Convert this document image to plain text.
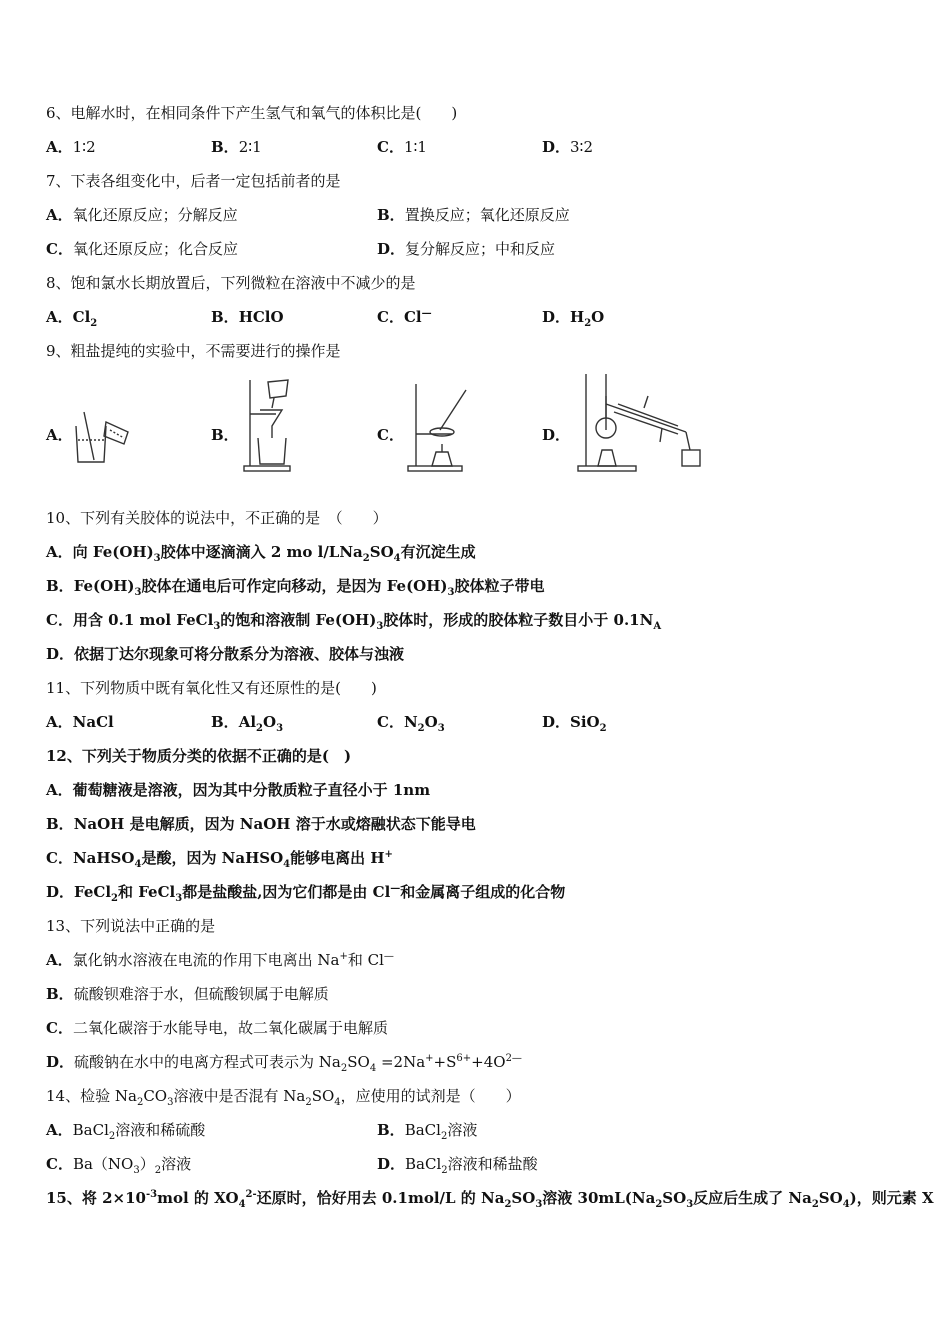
6、电解水时，在相同条件下产生氢气和氧气的体积比是(　　)
A．1∶2	B．2∶1	C．1∶1	D．3∶2
7、下表各组变化中，后者一定包括前者的是
A．氧化还原反应；分解反应	B．置换反应；氧化还原反应
C．氧化还原反应；化合反应	D．复分解反应；中和反应
8、饱和氯水长期放置后，下列微粒在溶液中不减少的是
A．$Cl_2$	B．HClO	C．Cl—	D．$H_2O$
9、粗盐提纯的实验中，不需要进行的操作是
A．	B．	C．	D．
10、下列有关胶体的说法中，不正确的是　（　　）
A．向 $Fe(OH)_3$胶体中逐滴滴入 2 mo $l/LNa_2SO_4$有沉淀生成
B．$Fe(OH)_3$胶体在通电后可作定向移动，是因为 $Fe(OH)_3$胶体粒子带电
C．用含 0.1 mol FeCl$_3$的饱和溶液制 $Fe(OH)_3$胶体时，形成的胶体粒子数目小于 $0.1N_A$
D．依据丁达尔现象可将分散系分为溶液、胶体与浊液
11、下列物质中既有氧化性又有还原性的是(　　)
A．NaCl	B．$Al_2O_3$	C．$N_2O_3$	D．SiO$_2$
12、下列关于物质分类的依据不正确的是(　)
A．葡萄糖液是溶液，因为其中分散质粒子直径小于 1nm
B．NaOH 是电解质，因为 NaOH 溶于水或熔融状态下能导电
C．NaHSO$_4$是酸，因为 NaHSO$_4$能够电离出 H+
D．FeCl$_2$和 FeCl$_3$都是盐酸盐,因为它们都是由 Cl—和金属离子组成的化合物
13、下列说法中正确的是
A．氯化钠水溶液在电流的作用下电离出 Na+和 Cl—
B．硫酸钡难溶于水，但硫酸钡属于电解质
C．二氧化碳溶于水能导电，故二氧化碳属于电解质
D．硫酸钠在水中的电离方程式可表示为 $Na_2SO_4 =2Na^++S^{6+}+4O^{2—}$
14、检验 $Na_2CO_3$溶液中是否混有 $Na_2SO_4$，应使用的试剂是（　　）
A．BaCl$_2$溶液和稀硫酸	B．BaCl$_2$溶液
C．$Ba(NO_3)_2$溶液	D．BaCl$_2$溶液和稀盐酸
15、将 $2\times 10^{-3}mol$ 的 $XO_4^{2-}$还原时，恰好用去 0.1mol/L 的 $Na_2SO_3$溶液 $30mL(Na_2SO_3$反应后生成了 $Na_2SO_4$)，则元素 X
